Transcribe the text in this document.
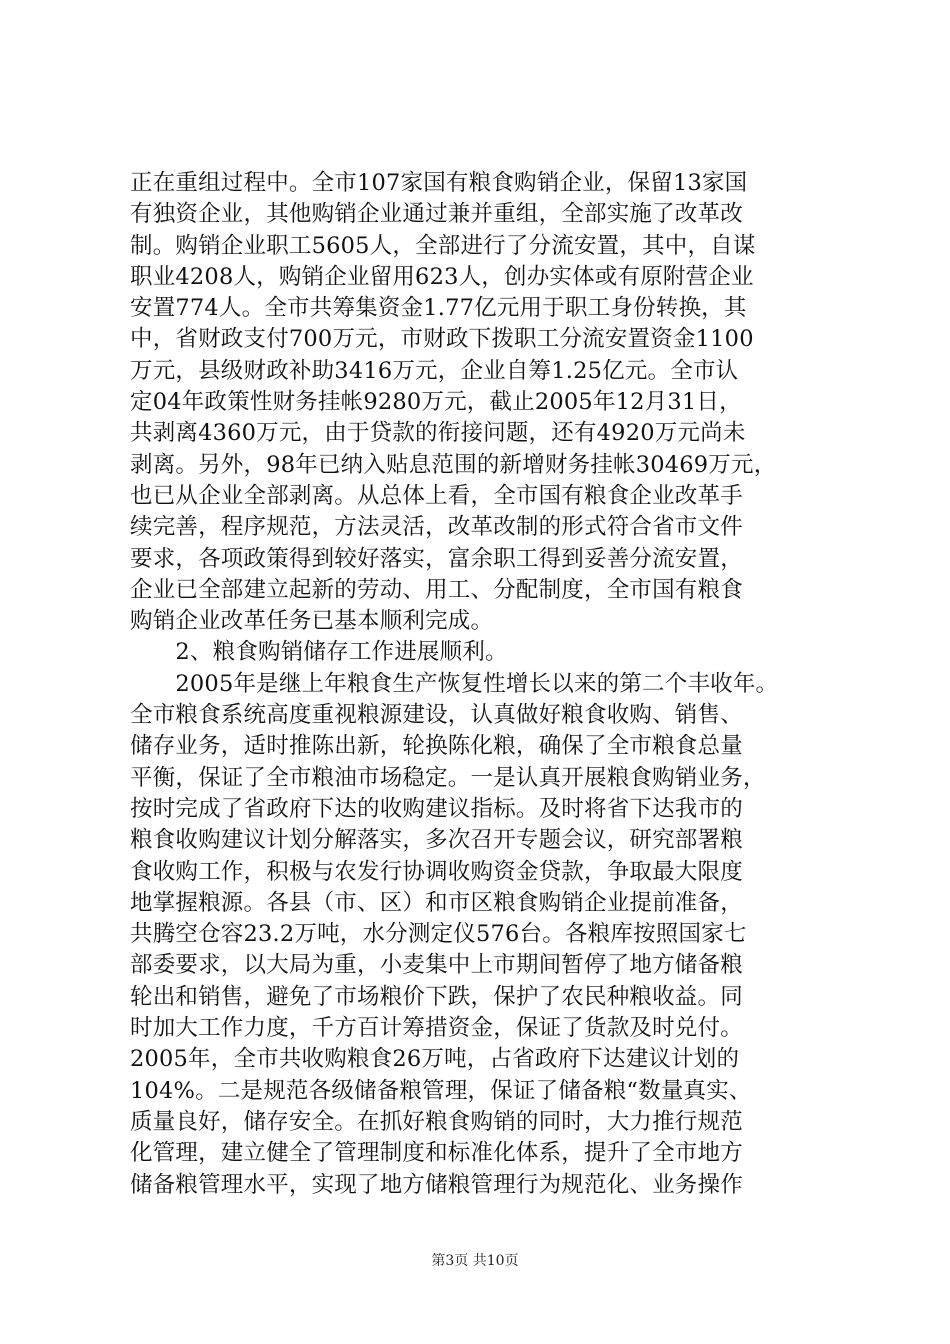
正在重组过程中。全市107家国有粮食购销企业，保留13家国
有独资企业，其他购销企业通过兼并重组，全部实施了改革改
制。购销企业职工5605人，全部进行了分流安置，其中，自谋
职业4208人，购销企业留用623人，创办实体或有原附营企业
安置774人。全市共筹集资金1.77亿元用于职工身份转换，其
中，省财政支付700万元，市财政下拨职工分流安置资金1100
万元，县级财政补助3416万元，企业自筹1.25亿元。全市认
定04年政策性财务挂帐9280万元，截止2005年12月31日，
共剥离4360万元，由于贷款的衔接问题，还有4920万元尚未
剥离。另外，98年已纳入贴息范围的新增财务挂帐30469万元，
也已从企业全部剥离。从总体上看，全市国有粮食企业改革手
续完善，程序规范，方法灵活，改革改制的形式符合省市文件
要求，各项政策得到较好落实，富余职工得到妥善分流安置，
企业已全部建立起新的劳动、用工、分配制度，全市国有粮食
购销企业改革任务已基本顺利完成。
　　2、粮食购销储存工作进展顺利。
　　2005年是继上年粮食生产恢复性增长以来的第二个丰收年。
全市粮食系统高度重视粮源建设，认真做好粮食收购、销售、
储存业务，适时推陈出新，轮换陈化粮，确保了全市粮食总量
平衡，保证了全市粮油市场稳定。一是认真开展粮食购销业务，
按时完成了省政府下达的收购建议指标。及时将省下达我市的
粮食收购建议计划分解落实，多次召开专题会议，研究部署粮
食收购工作，积极与农发行协调收购资金贷款，争取最大限度
地掌握粮源。各县（市、区）和市区粮食购销企业提前准备，
共腾空仓容23.2万吨，水分测定仪576台。各粮库按照国家七
部委要求，以大局为重，小麦集中上市期间暂停了地方储备粮
轮出和销售，避免了市场粮价下跌，保护了农民种粮收益。同
时加大工作力度，千方百计筹措资金，保证了货款及时兑付。
2005年，全市共收购粮食26万吨，占省政府下达建议计划的
104%。二是规范各级储备粮管理，保证了储备粮“数量真实、
质量良好，储存安全。在抓好粮食购销的同时，大力推行规范
化管理，建立健全了管理制度和标准化体系，提升了全市地方
储备粮管理水平，实现了地方储粮管理行为规范化、业务操作
第3页 共10页
